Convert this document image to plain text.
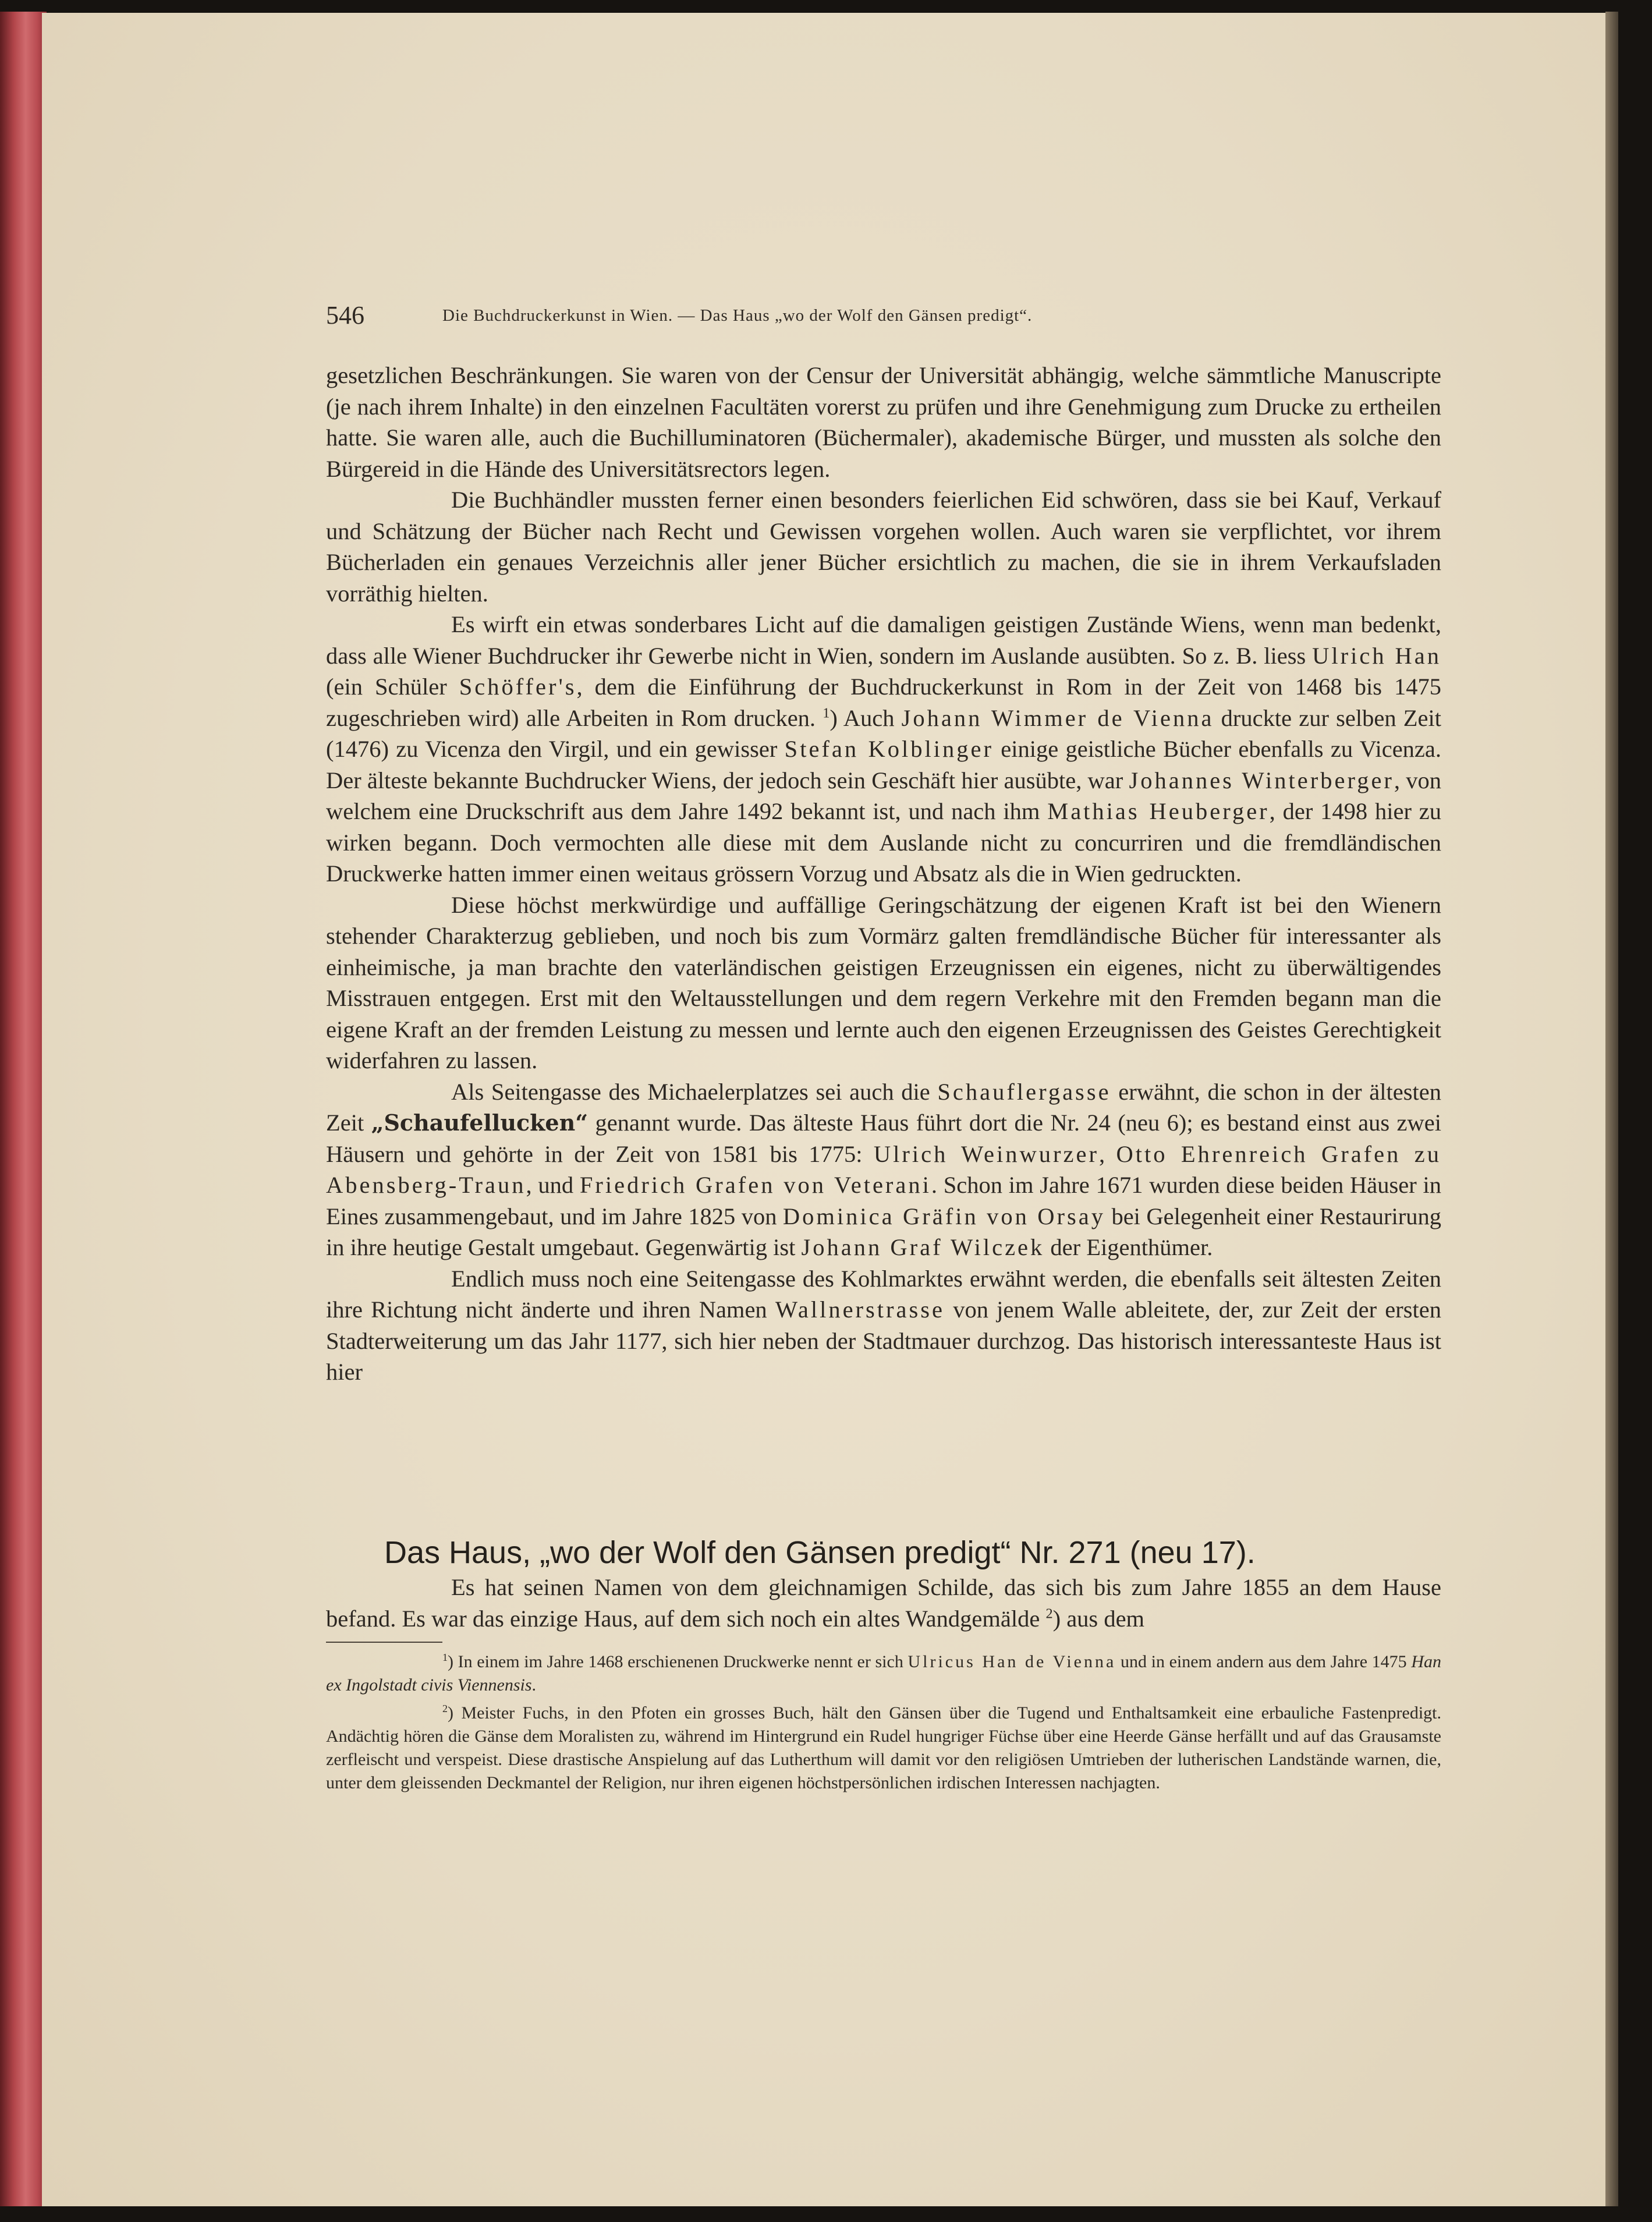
546	Die Buchdruckerkunst in Wien. — Das Haus „wo der Wolf den Gänsen predigt“.

gesetzlichen Beschränkungen. Sie waren von der Censur der Universität abhängig, welche sämmtliche Manuscripte (je nach ihrem Inhalte) in den einzelnen Facultäten vorerst zu prüfen und ihre Genehmigung zum Drucke zu ertheilen hatte. Sie waren alle, auch die Buchilluminatoren (Büchermaler), akademische Bürger, und mussten als solche den Bürgereid in die Hände des Universitätsrectors legen.

Die Buchhändler mussten ferner einen besonders feierlichen Eid schwören, dass sie bei Kauf, Verkauf und Schätzung der Bücher nach Recht und Gewissen vorgehen wollen. Auch waren sie verpflichtet, vor ihrem Bücherladen ein genaues Verzeichnis aller jener Bücher ersichtlich zu machen, die sie in ihrem Verkaufsladen vorräthig hielten.

Es wirft ein etwas sonderbares Licht auf die damaligen geistigen Zustände Wiens, wenn man bedenkt, dass alle Wiener Buchdrucker ihr Gewerbe nicht in Wien, sondern im Auslande ausübten. So z. B. liess Ulrich Han (ein Schüler Schöffer's, dem die Einführung der Buchdruckerkunst in Rom in der Zeit von 1468 bis 1475 zugeschrieben wird) alle Arbeiten in Rom drucken. $^1$) Auch Johann Wimmer de Vienna druckte zur selben Zeit (1476) zu Vicenza den Virgil, und ein gewisser Stefan Kolblinger einige geistliche Bücher ebenfalls zu Vicenza. Der älteste bekannte Buchdrucker Wiens, der jedoch sein Geschäft hier ausübte, war Johannes Winterberger, von welchem eine Druckschrift aus dem Jahre 1492 bekannt ist, und nach ihm Mathias Heuberger, der 1498 hier zu wirken begann. Doch vermochten alle diese mit dem Auslande nicht zu concurriren und die fremdländischen Druckwerke hatten immer einen weitaus grössern Vorzug und Absatz als die in Wien gedruckten.

Diese höchst merkwürdige und auffällige Geringschätzung der eigenen Kraft ist bei den Wienern stehender Charakterzug geblieben, und noch bis zum Vormärz galten fremdländische Bücher für interessanter als einheimische, ja man brachte den vaterländischen geistigen Erzeugnissen ein eigenes, nicht zu überwältigendes Misstrauen entgegen. Erst mit den Weltausstellungen und dem regern Verkehre mit den Fremden begann man die eigene Kraft an der fremden Leistung zu messen und lernte auch den eigenen Erzeugnissen des Geistes Gerechtigkeit widerfahren zu lassen.

Als Seitengasse des Michaelerplatzes sei auch die Schauflergasse erwähnt, die schon in der ältesten Zeit „Schaufellucken“ genannt wurde. Das älteste Haus führt dort die Nr. 24 (neu 6); es bestand einst aus zwei Häusern und gehörte in der Zeit von 1581 bis 1775: Ulrich Weinwurzer, Otto Ehrenreich Grafen zu Abensberg-Traun, und Friedrich Grafen von Veterani. Schon im Jahre 1671 wurden diese beiden Häuser in Eines zusammengebaut, und im Jahre 1825 von Dominica Gräfin von Orsay bei Gelegenheit einer Restaurirung in ihre heutige Gestalt umgebaut. Gegenwärtig ist Johann Graf Wilczek der Eigenthümer.

Endlich muss noch eine Seitengasse des Kohlmarktes erwähnt werden, die ebenfalls seit ältesten Zeiten ihre Richtung nicht änderte und ihren Namen Wallnerstrasse von jenem Walle ableitete, der, zur Zeit der ersten Stadterweiterung um das Jahr 1177, sich hier neben der Stadtmauer durchzog. Das historisch interessanteste Haus ist hier

Das Haus, „wo der Wolf den Gänsen predigt“ Nr. 271 (neu 17).

Es hat seinen Namen von dem gleichnamigen Schilde, das sich bis zum Jahre 1855 an dem Hause befand. Es war das einzige Haus, auf dem sich noch ein altes Wandgemälde $^2$) aus dem

$^1$) In einem im Jahre 1468 erschienenen Druckwerke nennt er sich Ulricus Han de Vienna und in einem andern aus dem Jahre 1475 Han ex Ingolstadt civis Viennensis.

$^2$) Meister Fuchs, in den Pfoten ein grosses Buch, hält den Gänsen über die Tugend und Enthaltsamkeit eine erbauliche Fastenpredigt. Andächtig hören die Gänse dem Moralisten zu, während im Hintergrund ein Rudel hungriger Füchse über eine Heerde Gänse herfällt und auf das Grausamste zerfleischt und verspeist. Diese drastische Anspielung auf das Lutherthum will damit vor den religiösen Umtrieben der lutherischen Landstände warnen, die, unter dem gleissenden Deckmantel der Religion, nur ihren eigenen höchstpersönlichen irdischen Interessen nachjagten.
